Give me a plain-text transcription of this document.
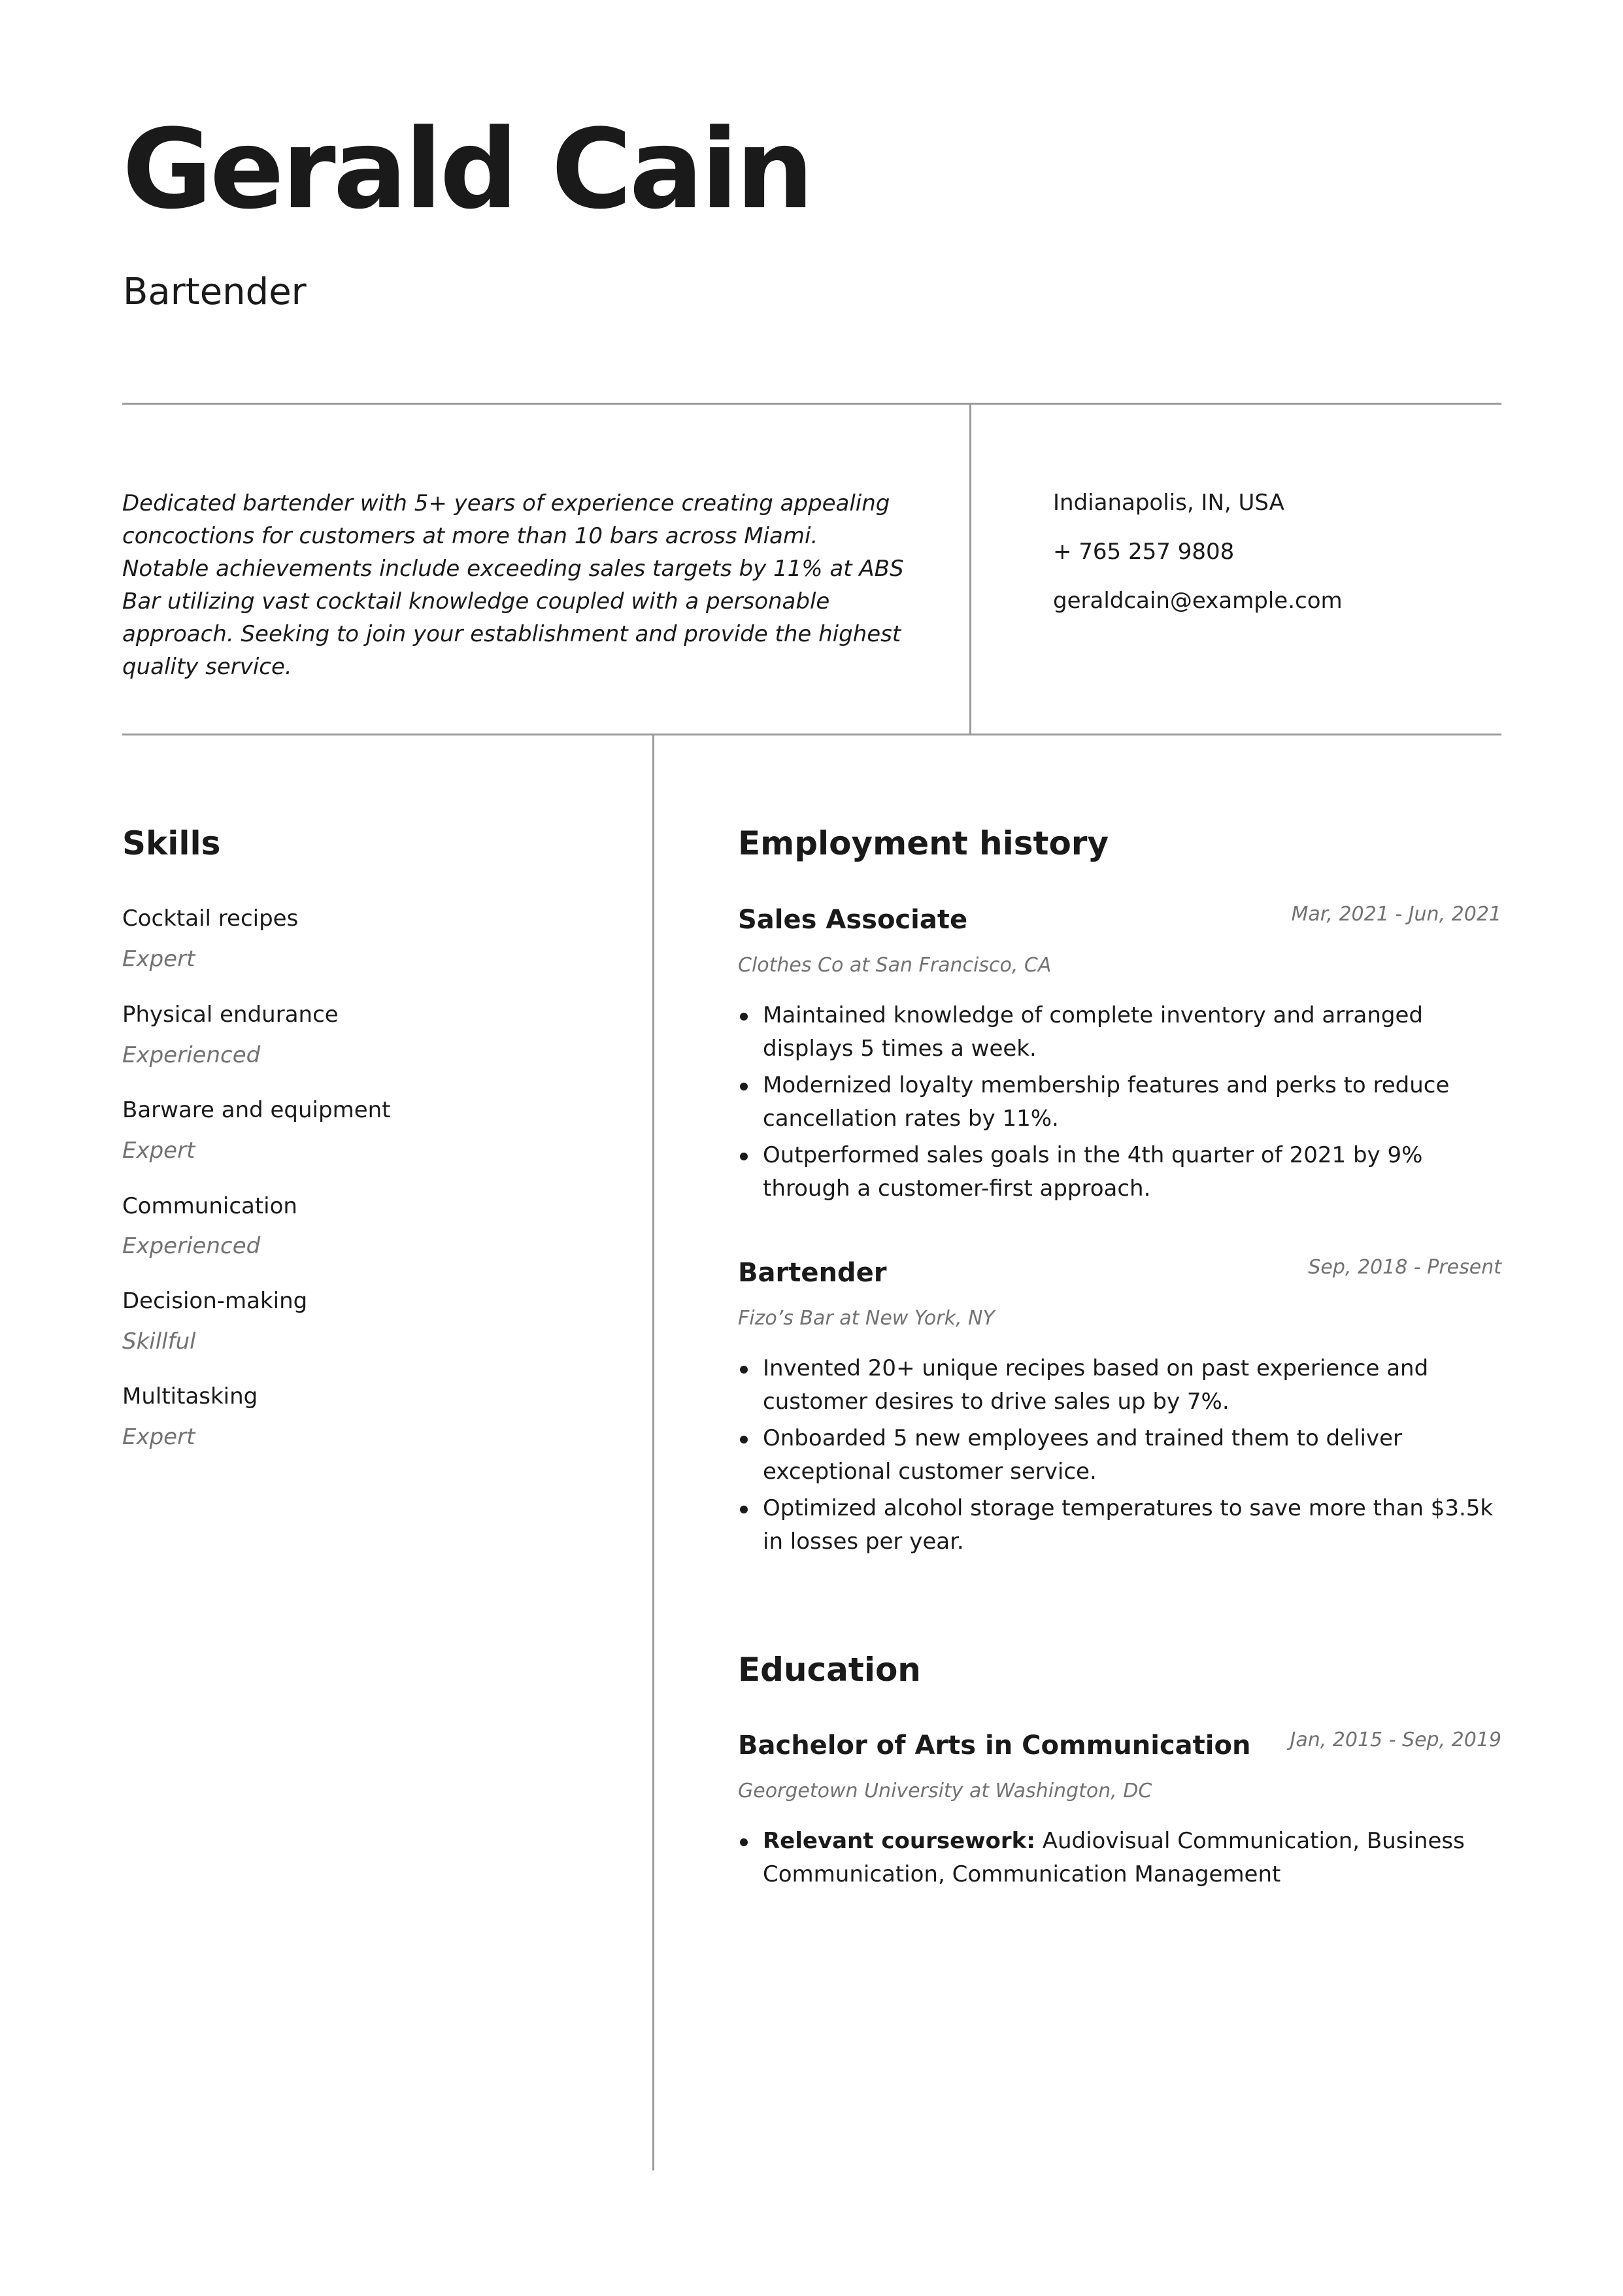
Gerald Cain
Bartender
Dedicated bartender with 5+ years of experience creating appealing concoctions for customers at more than 10 bars across Miami. Notable achievements include exceeding sales targets by 11% at ABS Bar utilizing vast cocktail knowledge coupled with a personable approach. Seeking to join your establishment and provide the highest quality service.
Indianapolis, IN, USA
+ 765 257 9808
geraldcain@example.com
Skills
Cocktail recipes
Expert
Physical endurance
Experienced
Barware and equipment
Expert
Communication
Experienced
Decision-making
Skillful
Multitasking
Expert
Employment history
Sales Associate	Mar, 2021 - Jun, 2021
Clothes Co at San Francisco, CA
Maintained knowledge of complete inventory and arranged displays 5 times a week.
Modernized loyalty membership features and perks to reduce cancellation rates by 11%.
Outperformed sales goals in the 4th quarter of 2021 by 9% through a customer-first approach.
Bartender	Sep, 2018 - Present
Fizo’s Bar at New York, NY
Invented 20+ unique recipes based on past experience and customer desires to drive sales up by 7%.
Onboarded 5 new employees and trained them to deliver exceptional customer service.
Optimized alcohol storage temperatures to save more than $3.5k in losses per year.
Education
Bachelor of Arts in Communication Jan, 2015 - Sep, 2019
Georgetown University at Washington, DC
Relevant coursework: Audiovisual Communication, Business Communication, Communication Management
